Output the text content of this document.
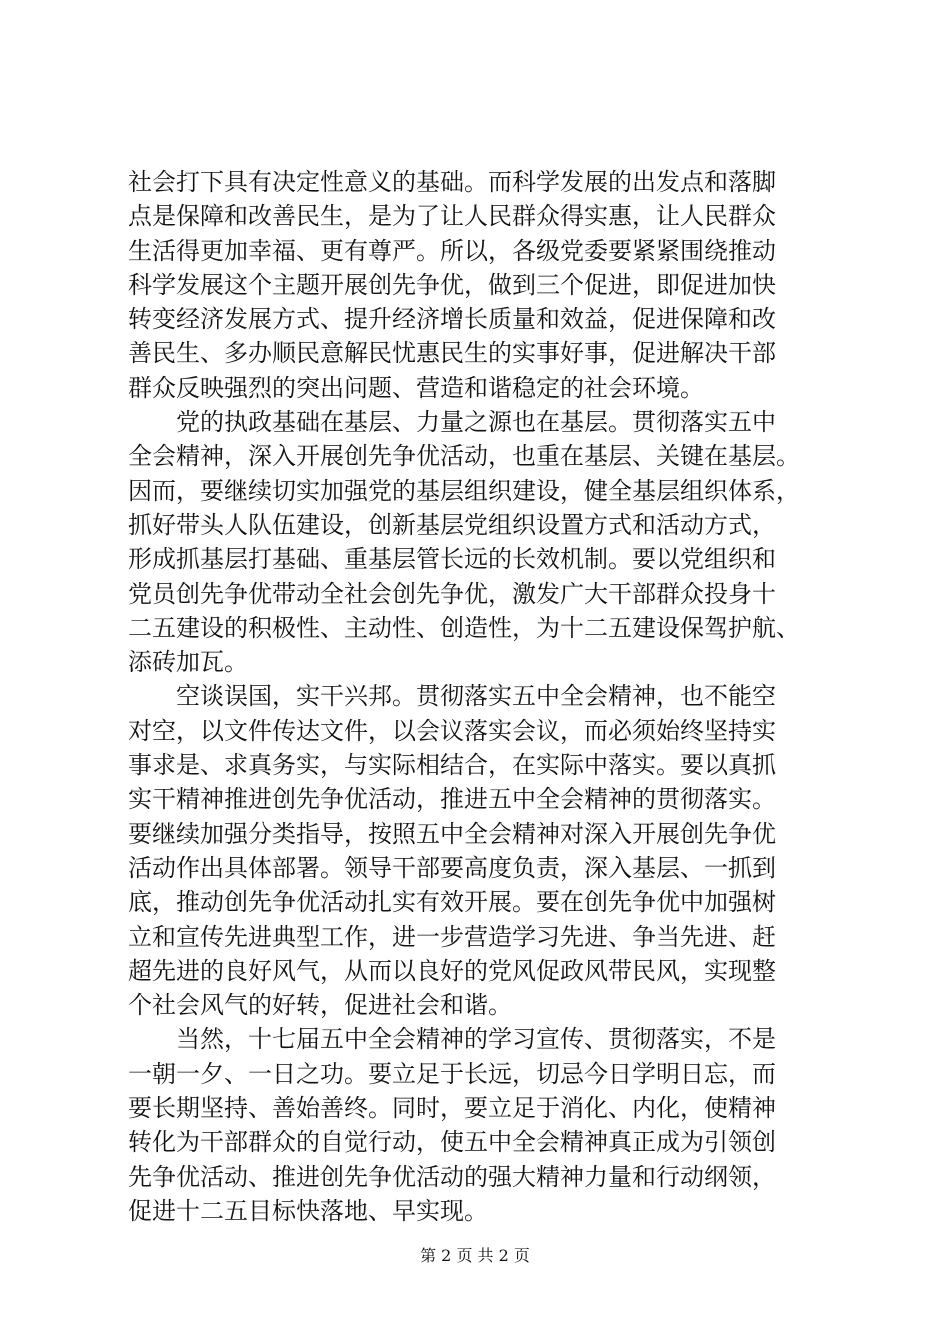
社会打下具有决定性意义的基础。而科学发展的出发点和落脚
点是保障和改善民生，是为了让人民群众得实惠，让人民群众
生活得更加幸福、更有尊严。所以，各级党委要紧紧围绕推动
科学发展这个主题开展创先争优，做到三个促进，即促进加快
转变经济发展方式、提升经济增长质量和效益，促进保障和改
善民生、多办顺民意解民忧惠民生的实事好事，促进解决干部
群众反映强烈的突出问题、营造和谐稳定的社会环境。
党的执政基础在基层、力量之源也在基层。贯彻落实五中
全会精神，深入开展创先争优活动，也重在基层、关键在基层。
因而，要继续切实加强党的基层组织建设，健全基层组织体系，
抓好带头人队伍建设，创新基层党组织设置方式和活动方式，
形成抓基层打基础、重基层管长远的长效机制。要以党组织和
党员创先争优带动全社会创先争优，激发广大干部群众投身十
二五建设的积极性、主动性、创造性，为十二五建设保驾护航、
添砖加瓦。
空谈误国，实干兴邦。贯彻落实五中全会精神，也不能空
对空，以文件传达文件，以会议落实会议，而必须始终坚持实
事求是、求真务实，与实际相结合，在实际中落实。要以真抓
实干精神推进创先争优活动，推进五中全会精神的贯彻落实。
要继续加强分类指导，按照五中全会精神对深入开展创先争优
活动作出具体部署。领导干部要高度负责，深入基层、一抓到
底，推动创先争优活动扎实有效开展。要在创先争优中加强树
立和宣传先进典型工作，进一步营造学习先进、争当先进、赶
超先进的良好风气，从而以良好的党风促政风带民风，实现整
个社会风气的好转，促进社会和谐。
当然，十七届五中全会精神的学习宣传、贯彻落实，不是
一朝一夕、一日之功。要立足于长远，切忌今日学明日忘，而
要长期坚持、善始善终。同时，要立足于消化、内化，使精神
转化为干部群众的自觉行动，使五中全会精神真正成为引领创
先争优活动、推进创先争优活动的强大精神力量和行动纲领，
促进十二五目标快落地、早实现。
第 2 页 共 2 页
